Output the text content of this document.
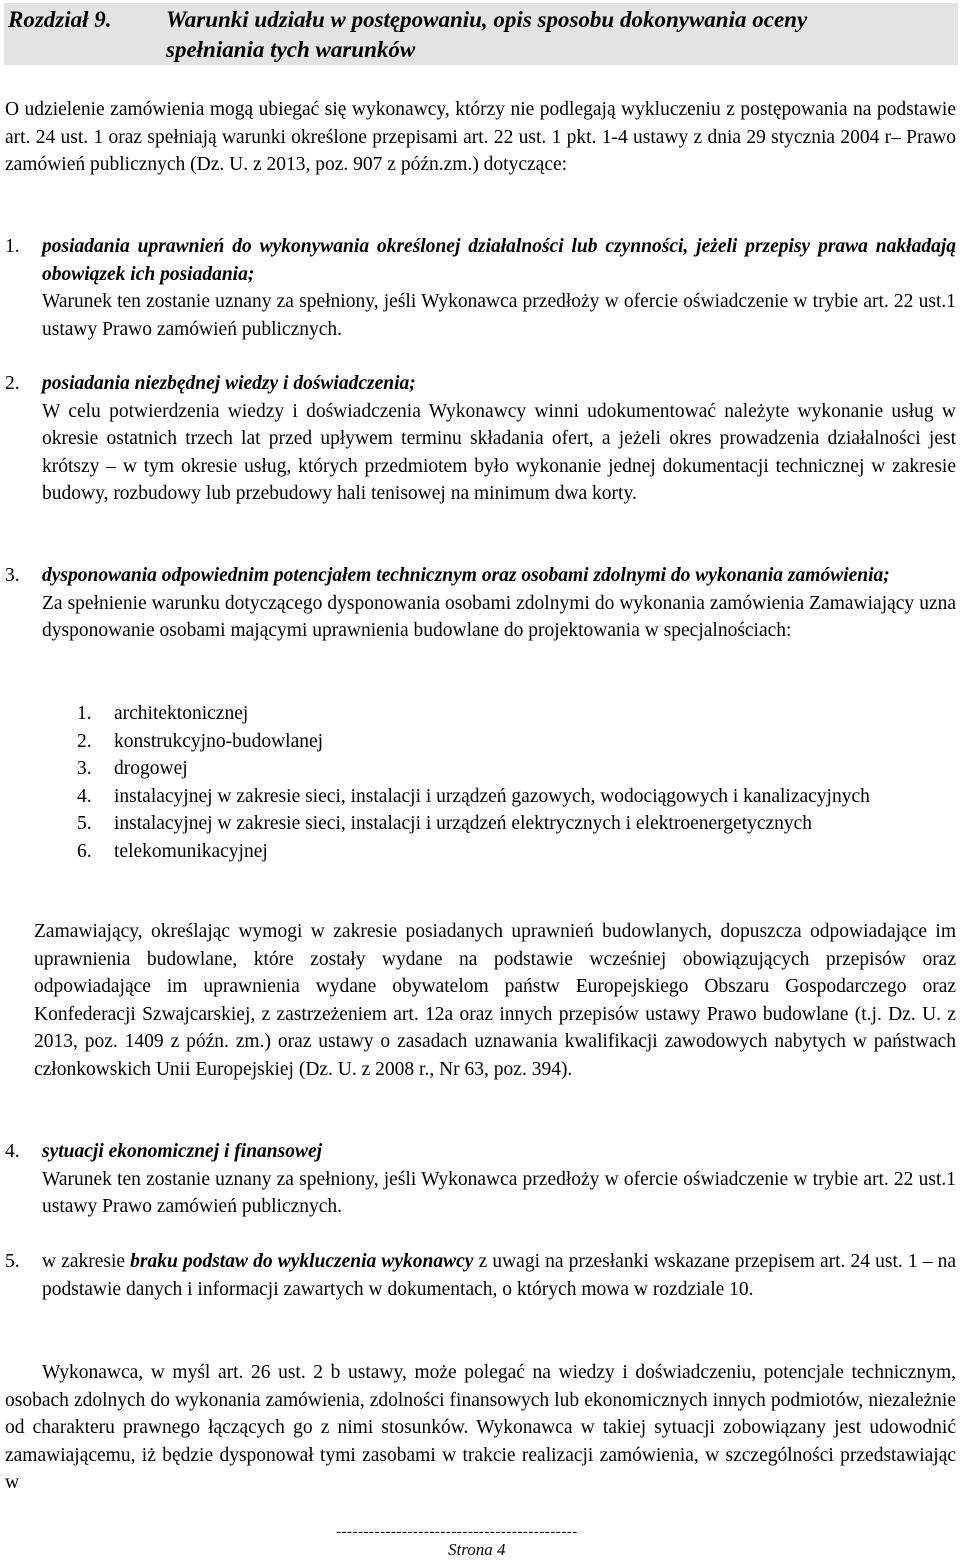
Rozdział 9. Warunki udziału w postępowaniu, opis sposobu dokonywania oceny
spełniania tych warunków

O udzielenie zamówienia mogą ubiegać się wykonawcy, którzy nie podlegają wykluczeniu z postępowania na podstawie art. 24 ust. 1 oraz spełniają warunki określone przepisami art. 22 ust. 1 pkt. 1-4 ustawy z dnia 29 stycznia 2004 r– Prawo zamówień publicznych (Dz. U. z 2013, poz. 907 z późn.zm.) dotyczące:

1. posiadania uprawnień do wykonywania określonej działalności lub czynności, jeżeli przepisy prawa nakładają obowiązek ich posiadania;

Warunek ten zostanie uznany za spełniony, jeśli Wykonawca przedłoży w ofercie oświadczenie w trybie art. 22 ust.1 ustawy Prawo zamówień publicznych.

2. posiadania niezbędnej wiedzy i doświadczenia;

W celu potwierdzenia wiedzy i doświadczenia Wykonawcy winni udokumentować należyte wykonanie usług w okresie ostatnich trzech lat przed upływem terminu składania ofert, a jeżeli okres prowadzenia działalności jest krótszy – w tym okresie usług, których przedmiotem było wykonanie jednej dokumentacji technicznej w zakresie budowy, rozbudowy lub przebudowy hali tenisowej na minimum dwa korty.

3. dysponowania odpowiednim potencjałem technicznym oraz osobami zdolnymi do wykonania zamówienia;

Za spełnienie warunku dotyczącego dysponowania osobami zdolnymi do wykonania zamówienia Zamawiający uzna dysponowanie osobami mającymi uprawnienia budowlane do projektowania w specjalnościach:

1. architektonicznej
2. konstrukcyjno-budowlanej
3. drogowej
4. instalacyjnej w zakresie sieci, instalacji i urządzeń gazowych, wodociągowych i kanalizacyjnych
5. instalacyjnej w zakresie sieci, instalacji i urządzeń elektrycznych i elektroenergetycznych
6. telekomunikacyjnej

Zamawiający, określając wymogi w zakresie posiadanych uprawnień budowlanych, dopuszcza odpowiadające im uprawnienia budowlane, które zostały wydane na podstawie wcześniej obowiązujących przepisów oraz odpowiadające im uprawnienia wydane obywatelom państw Europejskiego Obszaru Gospodarczego oraz Konfederacji Szwajcarskiej, z zastrzeżeniem art. 12a oraz innych przepisów ustawy Prawo budowlane (t.j. Dz. U. z 2013, poz. 1409 z późn. zm.) oraz ustawy o zasadach uznawania kwalifikacji zawodowych nabytych w państwach członkowskich Unii Europejskiej (Dz. U. z 2008 r., Nr 63, poz. 394).

4. sytuacji ekonomicznej i finansowej

Warunek ten zostanie uznany za spełniony, jeśli Wykonawca przedłoży w ofercie oświadczenie w trybie art. 22 ust.1 ustawy Prawo zamówień publicznych.

5. w zakresie braku podstaw do wykluczenia wykonawcy z uwagi na przesłanki wskazane przepisem art. 24 ust. 1 – na podstawie danych i informacji zawartych w dokumentach, o których mowa w rozdziale 10.

Wykonawca, w myśl art. 26 ust. 2 b ustawy, może polegać na wiedzy i doświadczeniu, potencjale technicznym, osobach zdolnych do wykonania zamówienia, zdolności finansowych lub ekonomicznych innych podmiotów, niezależnie od charakteru prawnego łączących go z nimi stosunków. Wykonawca w takiej sytuacji zobowiązany jest udowodnić zamawiającemu, iż będzie dysponował tymi zasobami w trakcie realizacji zamówienia, w szczególności przedstawiając w

--------------------------------------------
Strona 4
